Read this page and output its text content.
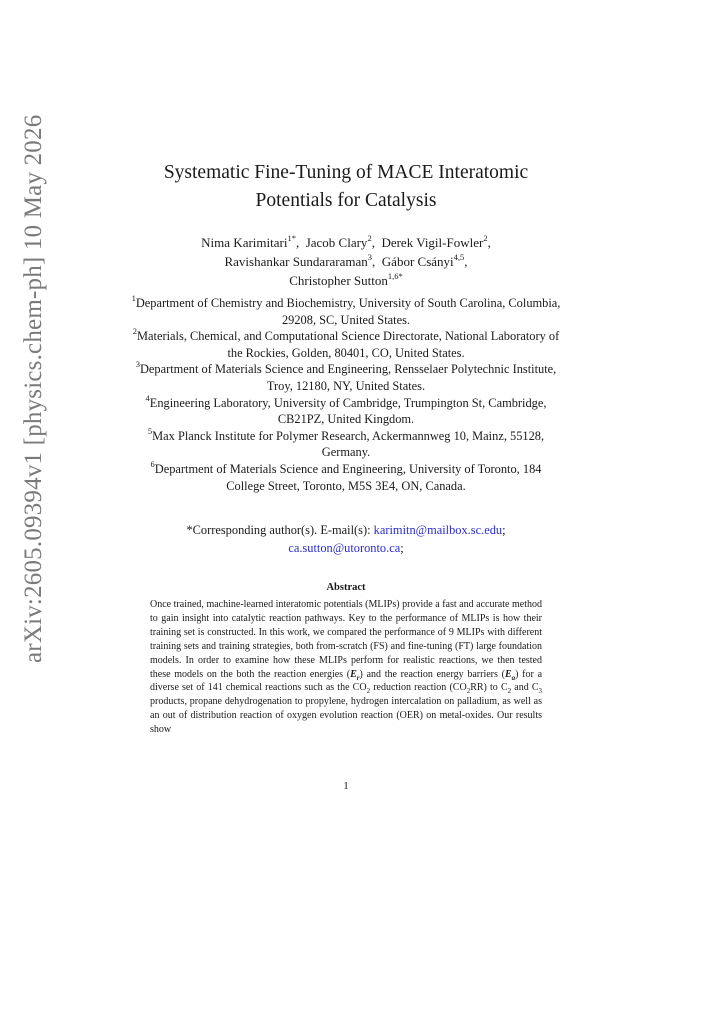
arXiv:2605.09394v1 [physics.chem-ph] 10 May 2026	Systematic Fine-Tuning of MACE Interatomic
Potentials for Catalysis
Nima Karimitari$^{1*}$,  Jacob Clary$^2$,  Derek Vigil-Fowler$^2$,
Ravishankar Sundararaman$^3$,  Gábor Csányi$^{4,5}$,
Christopher Sutton$^{1,6*}$

$^1$Department of Chemistry and Biochemistry, University of South Carolina, Columbia, 29208, SC, United States.

$^2$Materials, Chemical, and Computational Science Directorate, National Laboratory of the Rockies, Golden, 80401, CO, United States.

$^3$Department of Materials Science and Engineering, Rensselaer Polytechnic Institute, Troy, 12180, NY, United States.

$^4$Engineering Laboratory, University of Cambridge, Trumpington St, Cambridge, CB21PZ, United Kingdom.

$^5$Max Planck Institute for Polymer Research, Ackermannweg 10, Mainz, 55128, Germany.

$^6$Department of Materials Science and Engineering, University of Toronto, 184 College Street, Toronto, M5S 3E4, ON, Canada.

*Corresponding author(s). E-mail(s): karimitn@mailbox.sc.edu;
ca.sutton@utoronto.ca;
Abstract
Once trained, machine-learned interatomic potentials (MLIPs) provide a fast and accurate method to gain insight into catalytic reaction pathways. Key to the performance of MLIPs is how their training set is constructed. In this work, we compared the performance of 9 MLIPs with different training sets and training strategies, both from-scratch (FS) and fine-tuning (FT) large foundation models. In order to examine how these MLIPs perform for realistic reactions, we then tested these models on the both the reaction energies $(E_r)$ and the reaction energy barriers $(E_a)$ for a diverse set of 141 chemical reactions such as the $CO_2$ reduction reaction $(CO_2RR)$ to $C_2$ and $C_3$ products, propane dehydrogenation to propylene, hydrogen intercalation on palladium, as well as an out of distribution reaction of oxygen evolution reaction (OER) on metal-oxides. Our results show
1
